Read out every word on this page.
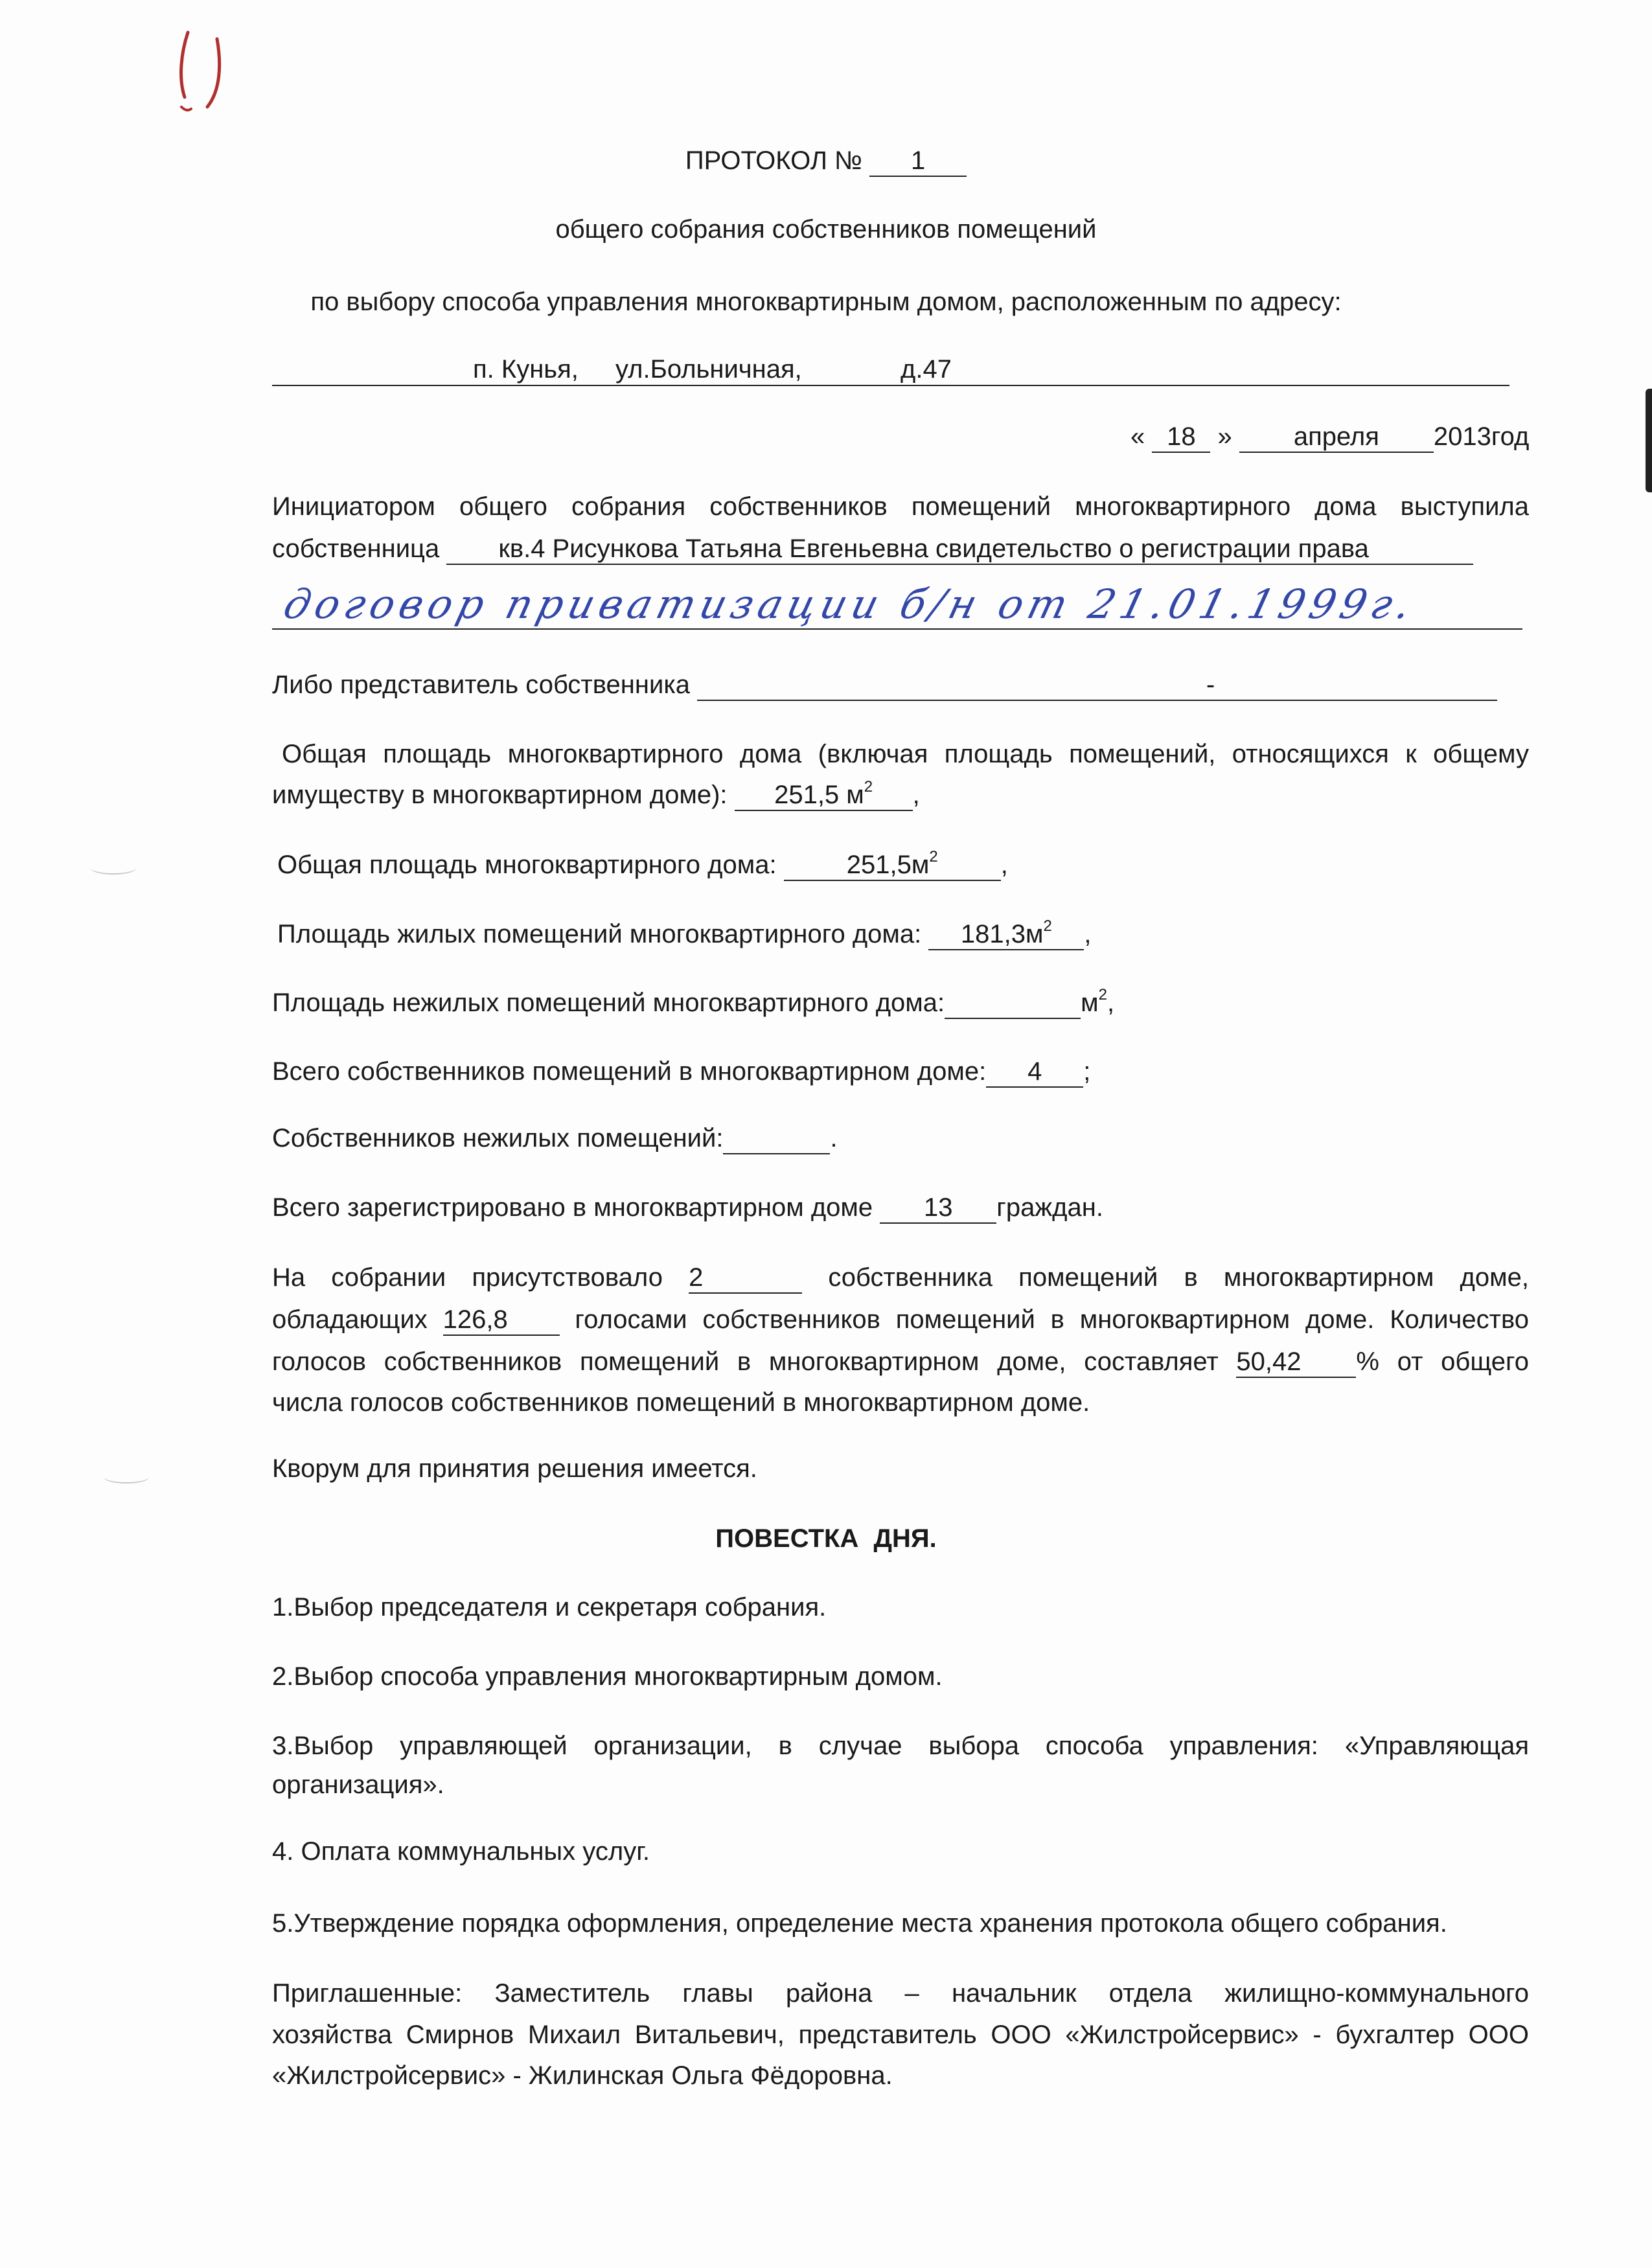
ПРОТОКОЛ № 1
общего собрания собственников помещений
по выбору способа управления многоквартирным домом, расположенным по адресу:
п. Кунья, ул.Больничная,	д.47

« 18 » апреля 2013год
Инициатором общего собрания собственников помещений многоквартирного дома выступила
собственница кв.4 Рисункова Татьяна Евгеньевна свидетельство о регистрации права
договор приватизации б/н от 21.01.1999г.
Либо представитель собственника	-
Общая площадь многоквартирного дома (включая площадь помещений, относящихся к общему
имуществу в многоквартирном доме): 251,5 $м^2$ ,
Общая площадь многоквартирного дома:	$251,5м^2$ ,
Площадь жилых помещений многоквартирного дома: $181,3м^2$ ,
Площадь нежилых помещений многоквартирного дома:	$м^2$,
Всего собственников помещений в многоквартирном доме: 4 ;
Собственников нежилых помещений:	.
Всего зарегистрировано в многоквартирном доме 13 граждан.
На собрании присутствовало 2	собственника помещений в многоквартирном доме,
обладающих 126,8	голосами собственников помещений в многоквартирном доме. Количество
голосов собственников помещений в многоквартирном доме, составляет 50,42 % от общего
числа голосов собственников помещений в многоквартирном доме.
Кворум для принятия решения имеется.
ПОВЕСТКА ДНЯ.
1.Выбор председателя и секретаря собрания.
2.Выбор способа управления многоквартирным домом.
3.Выбор управляющей организации, в случае выбора способа управления: «Управляющая
организация».
4. Оплата коммунальных услуг.
5.Утверждение порядка оформления, определение места хранения протокола общего собрания.
Приглашенные: Заместитель главы района – начальник отдела жилищно-коммунального
хозяйства Смирнов Михаил Витальевич, представитель ООО «Жилстройсервис» - бухгалтер ООО
«Жилстройсервис» - Жилинская Ольга Фёдоровна.
